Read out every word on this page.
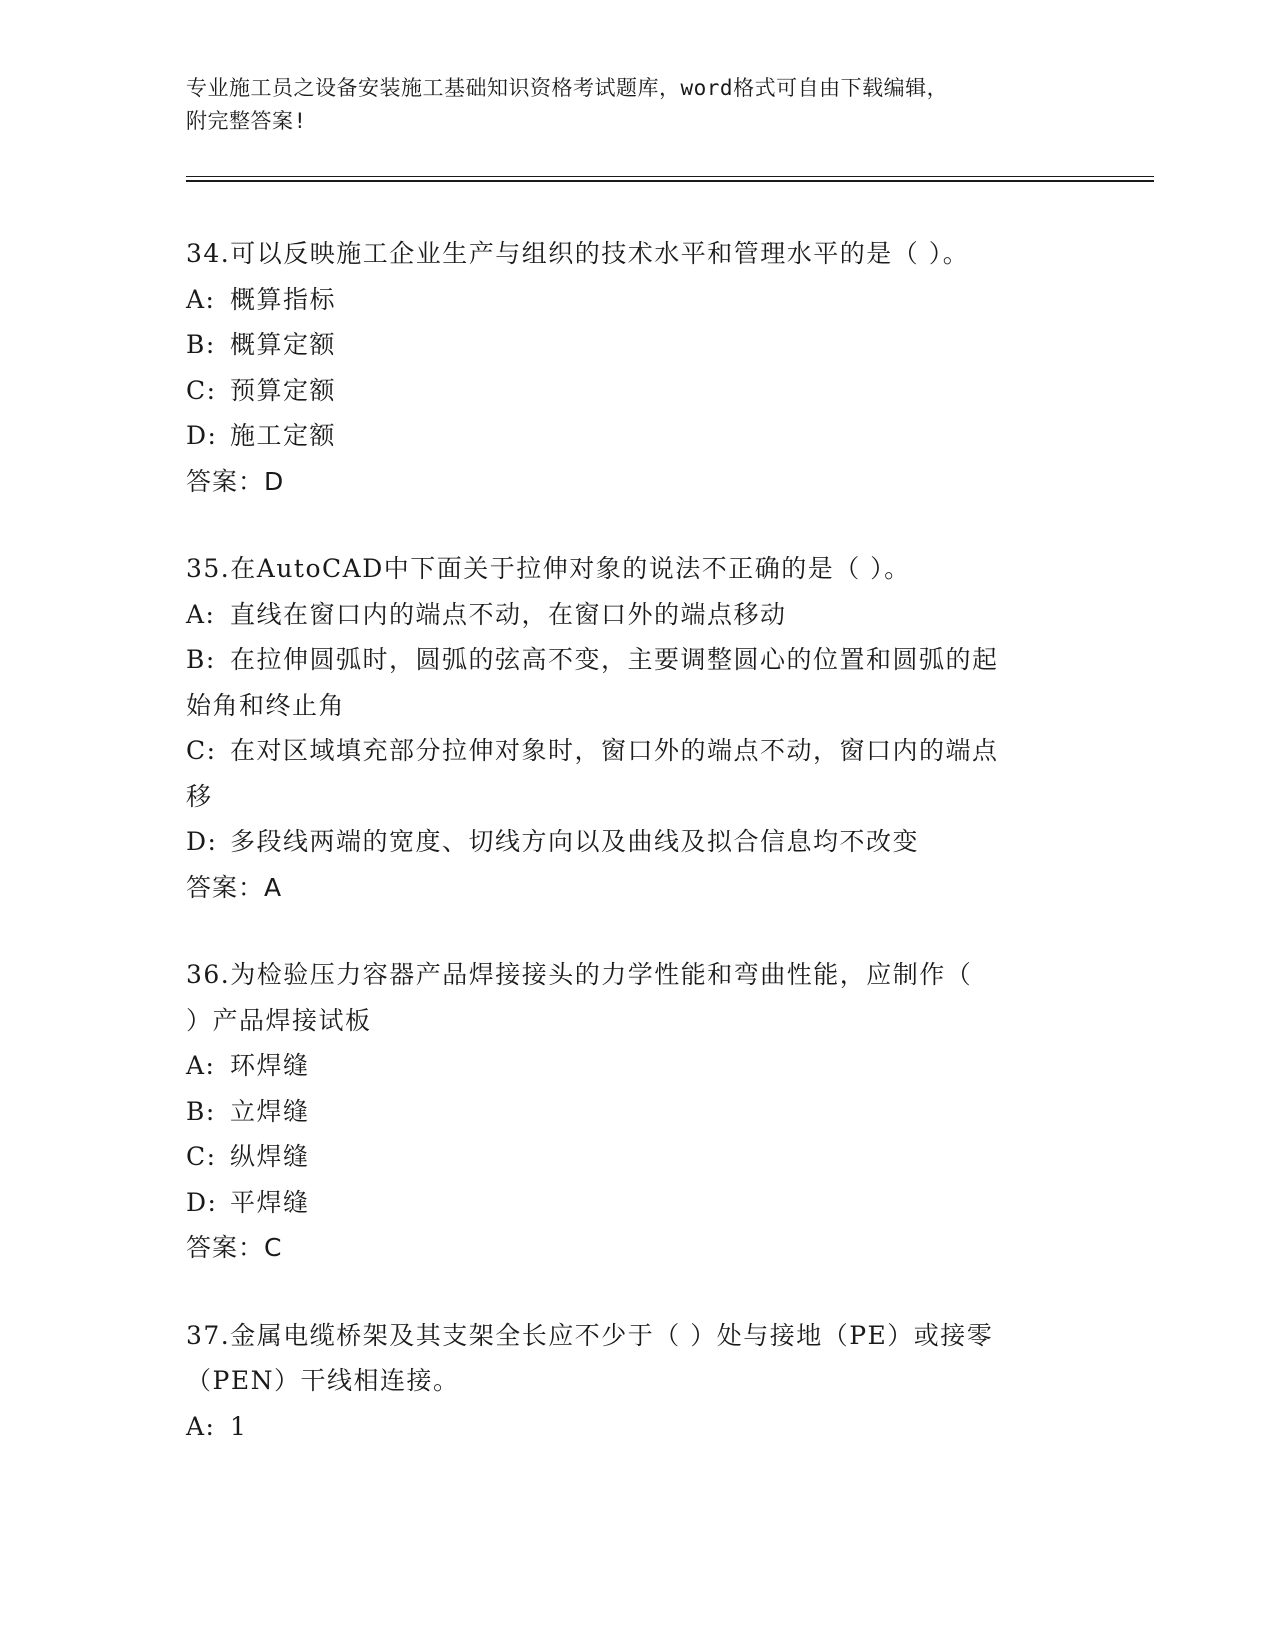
专业施工员之设备安装施工基础知识资格考试题库，word格式可自由下载编辑，
附完整答案!
34.可以反映施工企业生产与组织的技术水平和管理水平的是（ ）。
A: 概算指标
B: 概算定额
C: 预算定额
D: 施工定额
答案：D
35.在AutoCAD中下面关于拉伸对象的说法不正确的是（ ）。
A: 直线在窗口内的端点不动，在窗口外的端点移动
B: 在拉伸圆弧时，圆弧的弦高不变，主要调整圆心的位置和圆弧的起
始角和终止角
C: 在对区域填充部分拉伸对象时，窗口外的端点不动，窗口内的端点
移
D: 多段线两端的宽度、切线方向以及曲线及拟合信息均不改变
答案：A
36.为检验压力容器产品焊接接头的力学性能和弯曲性能，应制作（
）产品焊接试板
A: 环焊缝
B: 立焊缝
C: 纵焊缝
D: 平焊缝
答案：C
37.金属电缆桥架及其支架全长应不少于（ ）处与接地（PE）或接零
（PEN）干线相连接。
A: 1
